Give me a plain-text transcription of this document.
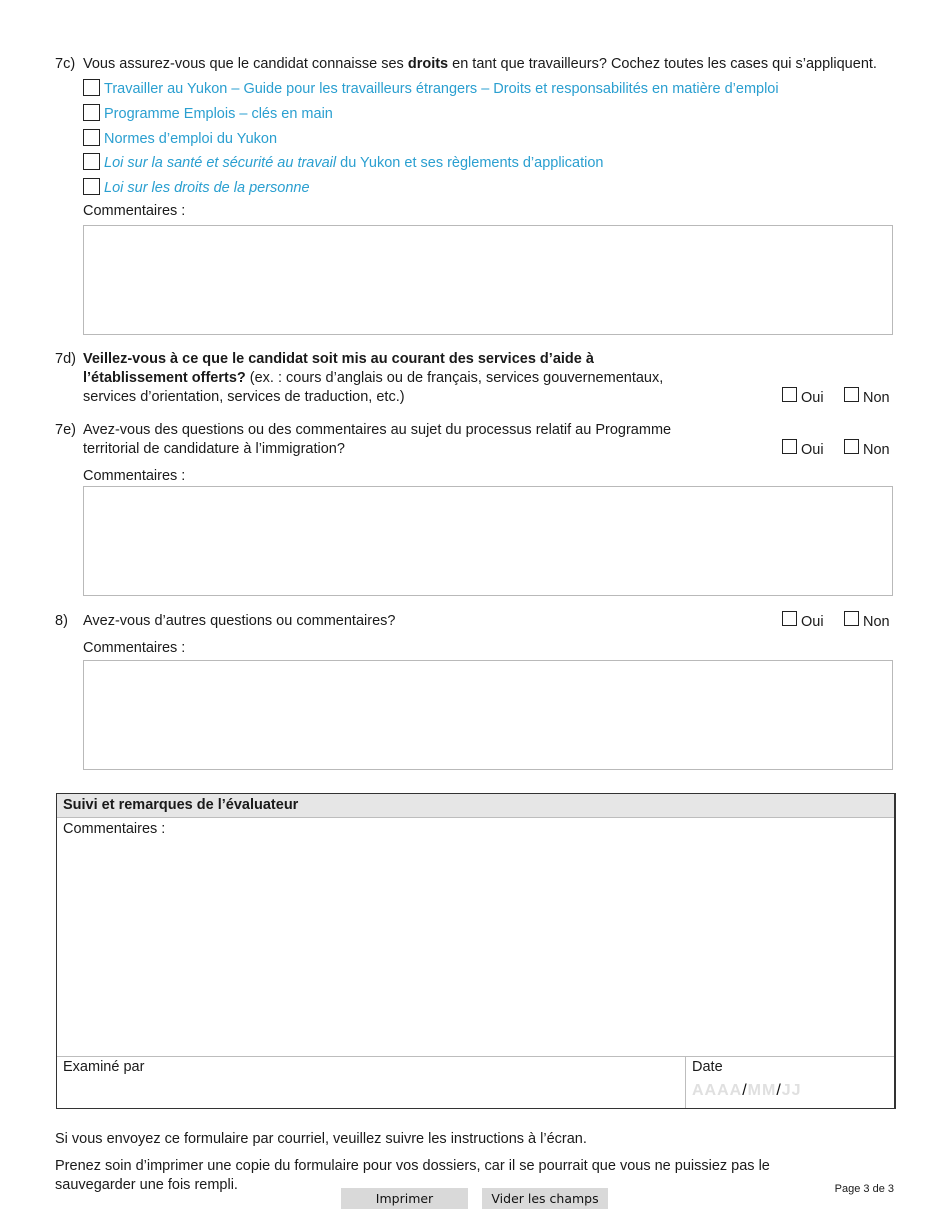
7c) Vous assurez-vous que le candidat connaisse ses droits en tant que travailleurs? Cochez toutes les cases qui s’appliquent.
Travailler au Yukon – Guide pour les travailleurs étrangers – Droits et responsabilités en matière d’emploi
Programme Emplois – clés en main
Normes d’emploi du Yukon
Loi sur la santé et sécurité au travail du Yukon et ses règlements d’application
Loi sur les droits de la personne
Commentaires :
7d) Veillez-vous à ce que le candidat soit mis au courant des services d’aide à
l’établissement offerts? (ex. : cours d’anglais ou de français, services gouvernementaux,
services d’orientation, services de traduction, etc.)	Oui	Non
7e) Avez-vous des questions ou des commentaires au sujet du processus relatif au Programme
territorial de candidature à l’immigration?	Oui	Non
Commentaires :
8) Avez-vous d’autres questions ou commentaires?	Oui	Non
Commentaires :
Suivi et remarques de l’évaluateur
Commentaires :
Examiné par	Date
AAAA/MM/JJ
Si vous envoyez ce formulaire par courriel, veuillez suivre les instructions à l’écran.
Prenez soin d’imprimer une copie du formulaire pour vos dossiers, car il se pourrait que vous ne puissiez pas le
sauvegarder une fois rempli.
Imprimer	Vider les champs
Page 3 de 3
